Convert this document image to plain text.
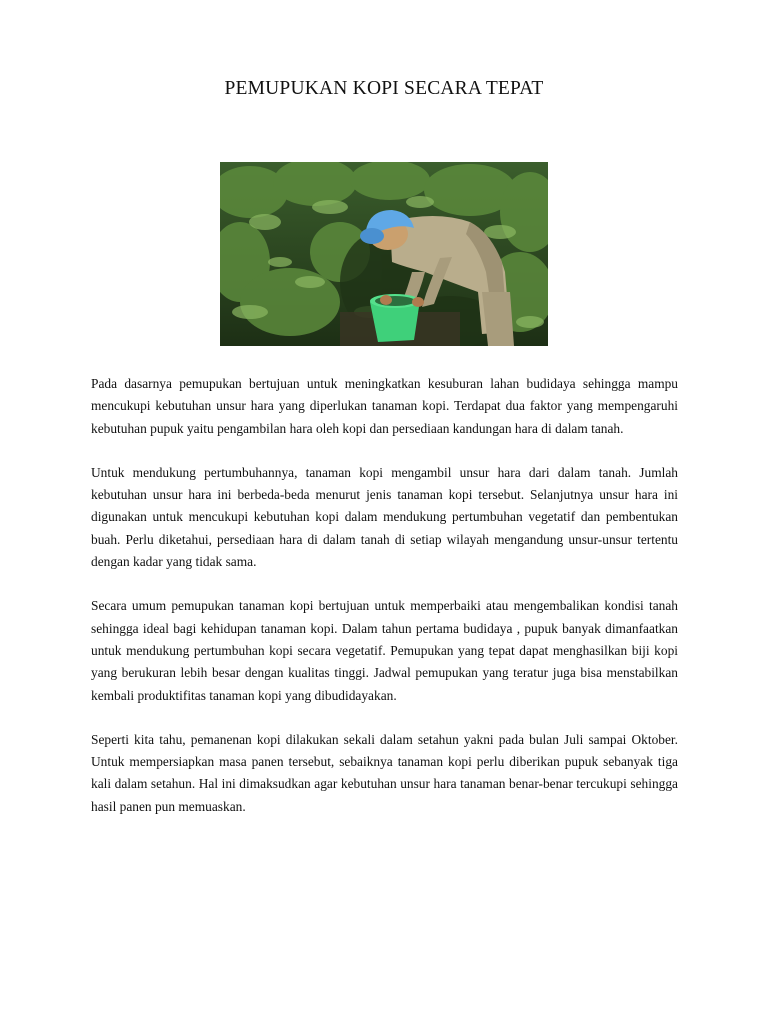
PEMUPUKAN KOPI SECARA TEPAT

Pada dasarnya pemupukan bertujuan untuk meningkatkan kesuburan lahan budidaya sehingga mampu mencukupi kebutuhan unsur hara yang diperlukan tanaman kopi. Terdapat dua faktor yang mempengaruhi kebutuhan pupuk yaitu pengambilan hara oleh kopi dan persediaan kandungan hara di dalam tanah.

Untuk mendukung pertumbuhannya, tanaman kopi mengambil unsur hara dari dalam tanah. Jumlah kebutuhan unsur hara ini berbeda-beda menurut jenis tanaman kopi tersebut. Selanjutnya unsur hara ini digunakan untuk mencukupi kebutuhan kopi dalam mendukung pertumbuhan vegetatif dan pembentukan buah. Perlu diketahui, persediaan hara di dalam tanah di setiap wilayah mengandung unsur-unsur tertentu dengan kadar yang tidak sama.

Secara umum pemupukan tanaman kopi bertujuan untuk memperbaiki atau mengembalikan kondisi tanah sehingga ideal bagi kehidupan tanaman kopi. Dalam tahun pertama budidaya , pupuk banyak dimanfaatkan untuk mendukung pertumbuhan kopi secara vegetatif. Pemupukan yang tepat dapat menghasilkan biji kopi yang berukuran lebih besar dengan kualitas tinggi. Jadwal pemupukan yang teratur juga bisa menstabilkan kembali produktifitas tanaman kopi yang dibudidayakan.

Seperti kita tahu, pemanenan kopi dilakukan sekali dalam setahun yakni pada bulan Juli sampai Oktober. Untuk mempersiapkan masa panen tersebut, sebaiknya tanaman kopi perlu diberikan pupuk sebanyak tiga kali dalam setahun. Hal ini dimaksudkan agar kebutuhan unsur hara tanaman benar-benar tercukupi sehingga hasil panen pun memuaskan.
